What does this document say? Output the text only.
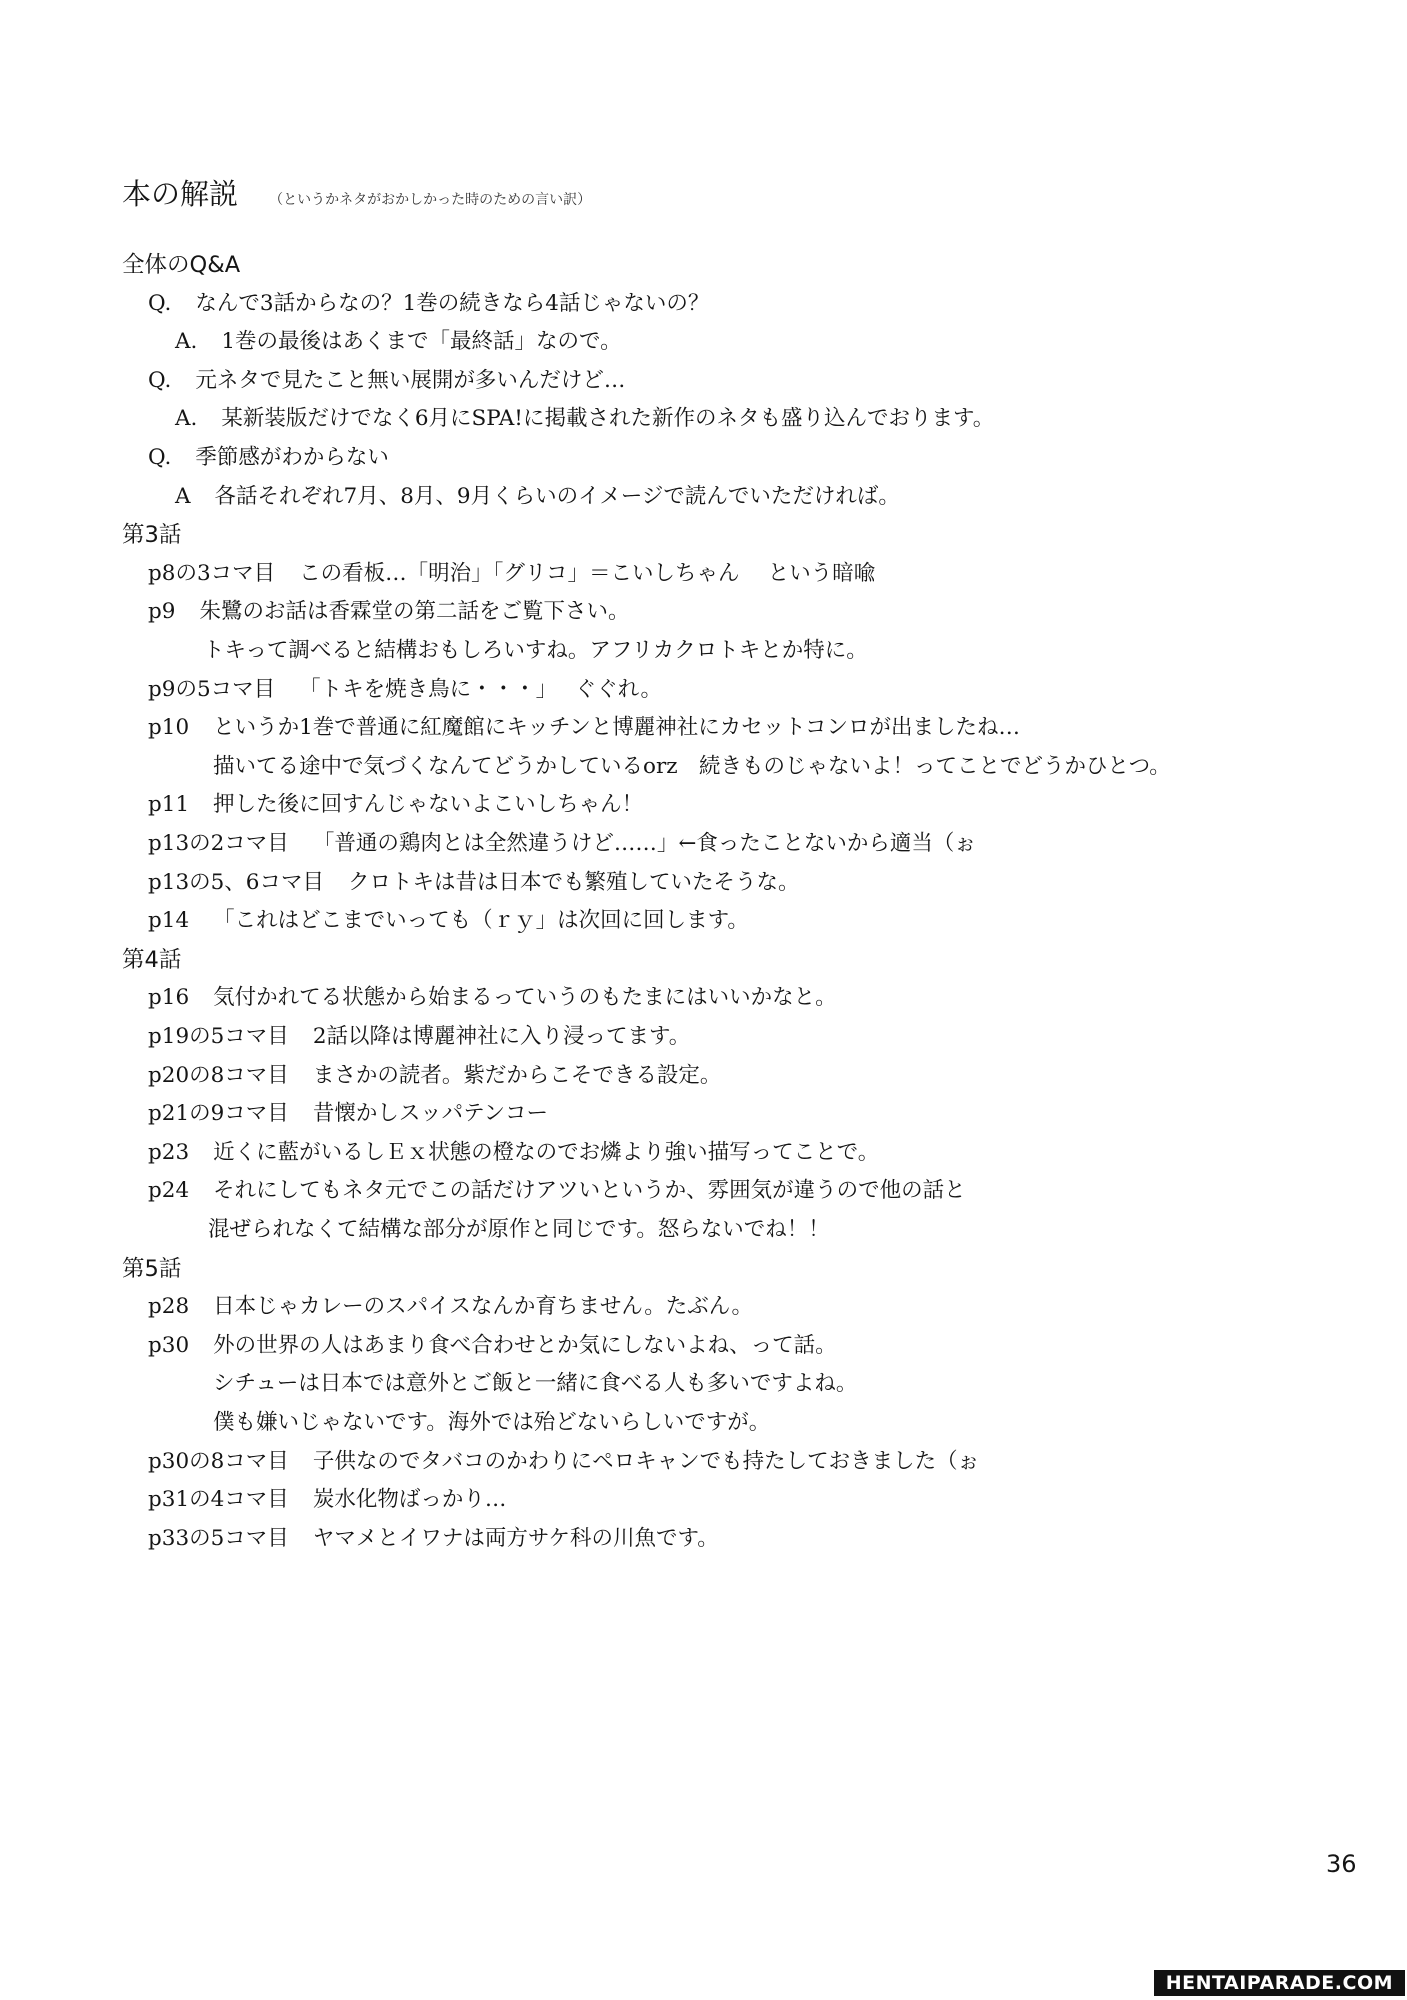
本の解説 （というかネタがおかしかった時のための言い訳）
全体のQ&A
Q. なんで3話からなの？1巻の続きなら4話じゃないの？
A. 1巻の最後はあくまで「最終話」なので。
Q. 元ネタで見たこと無い展開が多いんだけど…
A. 某新装版だけでなく6月にSPA!に掲載された新作のネタも盛り込んでおります。
Q. 季節感がわからない
A 各話それぞれ7月、8月、9月くらいのイメージで読んでいただければ。
第3話
p8の3コマ目 この看板…「明治」「グリコ」＝こいしちゃん　 という暗喩
p9 朱鷺のお話は香霖堂の第二話をご覧下さい。
トキって調べると結構おもしろいすね。アフリカクロトキとか特に。
p9の5コマ目 「トキを焼き鳥に・・・」　 ぐぐれ。
p10 というか1巻で普通に紅魔館にキッチンと博麗神社にカセットコンロが出ましたね…
描いてる途中で気づくなんてどうかしているorz　続きものじゃないよ！ってことでどうかひとつ。
p11 押した後に回すんじゃないよこいしちゃん！
p13の2コマ目 「普通の鶏肉とは全然違うけど……」←食ったことないから適当（ぉ
p13の5、6コマ目 クロトキは昔は日本でも繁殖していたそうな。
p14 「これはどこまでいっても（ｒｙ」は次回に回します。
第4話
p16 気付かれてる状態から始まるっていうのもたまにはいいかなと。
p19の5コマ目 2話以降は博麗神社に入り浸ってます。
p20の8コマ目 まさかの読者。紫だからこそできる設定。
p21の9コマ目 昔懐かしスッパテンコー
p23 近くに藍がいるしＥｘ状態の橙なのでお燐より強い描写ってことで。
p24 それにしてもネタ元でこの話だけアツいというか、雰囲気が違うので他の話と
混ぜられなくて結構な部分が原作と同じです。怒らないでね！！
第5話
p28 日本じゃカレーのスパイスなんか育ちません。たぶん。
p30 外の世界の人はあまり食べ合わせとか気にしないよね、って話。
シチューは日本では意外とご飯と一緒に食べる人も多いですよね。
僕も嫌いじゃないです。海外では殆どないらしいですが。
p30の8コマ目 子供なのでタバコのかわりにペロキャンでも持たしておきました（ぉ
p31の4コマ目 炭水化物ばっかり…
p33の5コマ目 ヤマメとイワナは両方サケ科の川魚です。
36
HENTAIPARADE.COM
